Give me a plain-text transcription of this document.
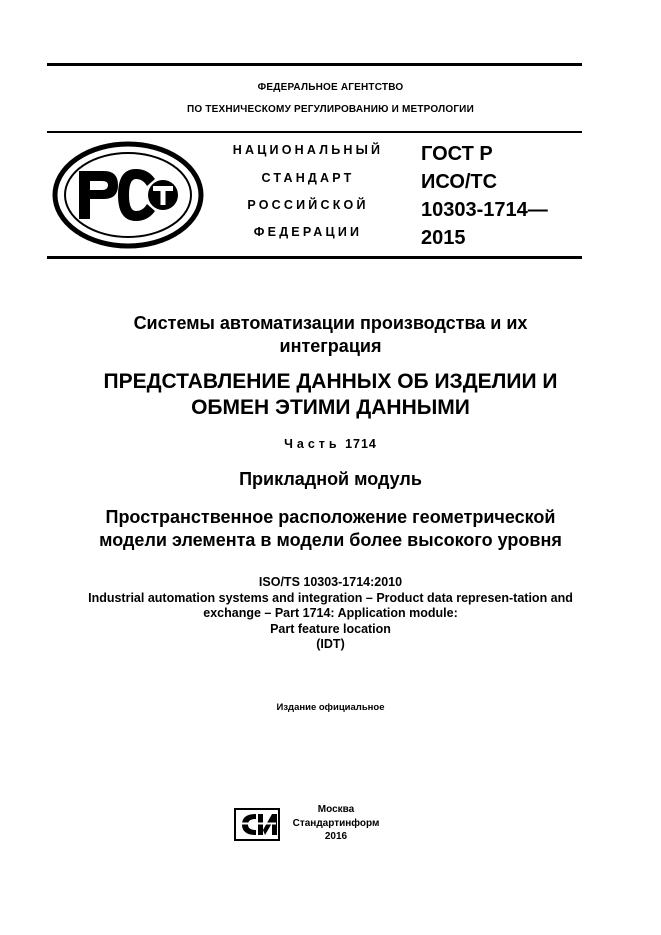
ФЕДЕРАЛЬНОЕ АГЕНТСТВО
ПО ТЕХНИЧЕСКОМУ РЕГУЛИРОВАНИЮ И МЕТРОЛОГИИ
НАЦИОНАЛЬНЫЙ
СТАНДАРТ
РОССИЙСКОЙ
ФЕДЕРАЦИИ
ГОСТ Р
ИСО/ТС
10303-1714—
2015
Системы автоматизации производства и их
интеграция
ПРЕДСТАВЛЕНИЕ ДАННЫХ ОБ ИЗДЕЛИИ И
ОБМЕН ЭТИМИ ДАННЫМИ
Часть 1714
Прикладной модуль
Пространственное расположение геометрической
модели элемента в модели более высокого уровня
ISO/TS 10303-1714:2010
Industrial automation systems and integration – Product data represen-tation and
exchange – Part 1714: Application module:
Part feature location
(IDT)
Издание официальное
Москва
Стандартинформ
2016
